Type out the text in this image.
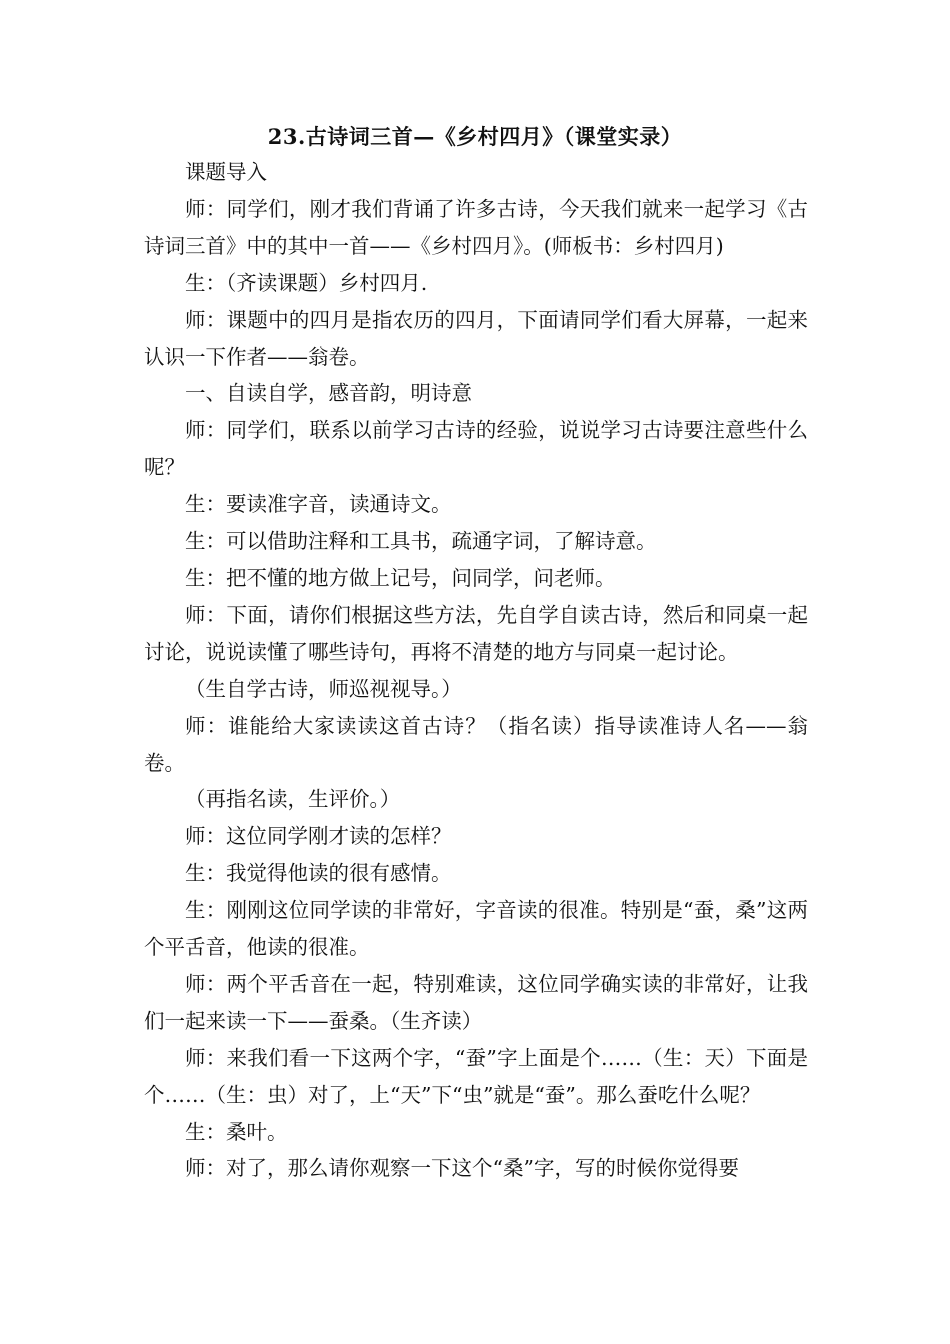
23.古诗词三首—《乡村四月》（课堂实录）

课题导入

师：同学们，刚才我们背诵了许多古诗，今天我们就来一起学习《古诗词三首》中的其中一首——《乡村四月》。(师板书：乡村四月)

生：（齐读课题）乡村四月.

师：课题中的四月是指农历的四月，下面请同学们看大屏幕，一起来认识一下作者——翁卷。

一、自读自学，感音韵，明诗意

师：同学们，联系以前学习古诗的经验，说说学习古诗要注意些什么呢？

生：要读准字音，读通诗文。

生：可以借助注释和工具书，疏通字词，了解诗意。

生：把不懂的地方做上记号，问同学，问老师。

师：下面，请你们根据这些方法，先自学自读古诗，然后和同桌一起讨论，说说读懂了哪些诗句，再将不清楚的地方与同桌一起讨论。

（生自学古诗，师巡视视导。）

师：谁能给大家读读这首古诗？（指名读）指导读准诗人名——翁卷。

（再指名读，生评价。）

师：这位同学刚才读的怎样？

生：我觉得他读的很有感情。

生：刚刚这位同学读的非常好，字音读的很准。特别是“蚕，桑”这两个平舌音，他读的很准。

师：两个平舌音在一起，特别难读，这位同学确实读的非常好，让我们一起来读一下——蚕桑。（生齐读）

师：来我们看一下这两个字，“蚕”字上面是个……（生：天）下面是个……（生：虫）对了，上“天”下“虫”就是“蚕”。那么蚕吃什么呢？

生：桑叶。

师：对了，那么请你观察一下这个“桑”字，写的时候你觉得要
